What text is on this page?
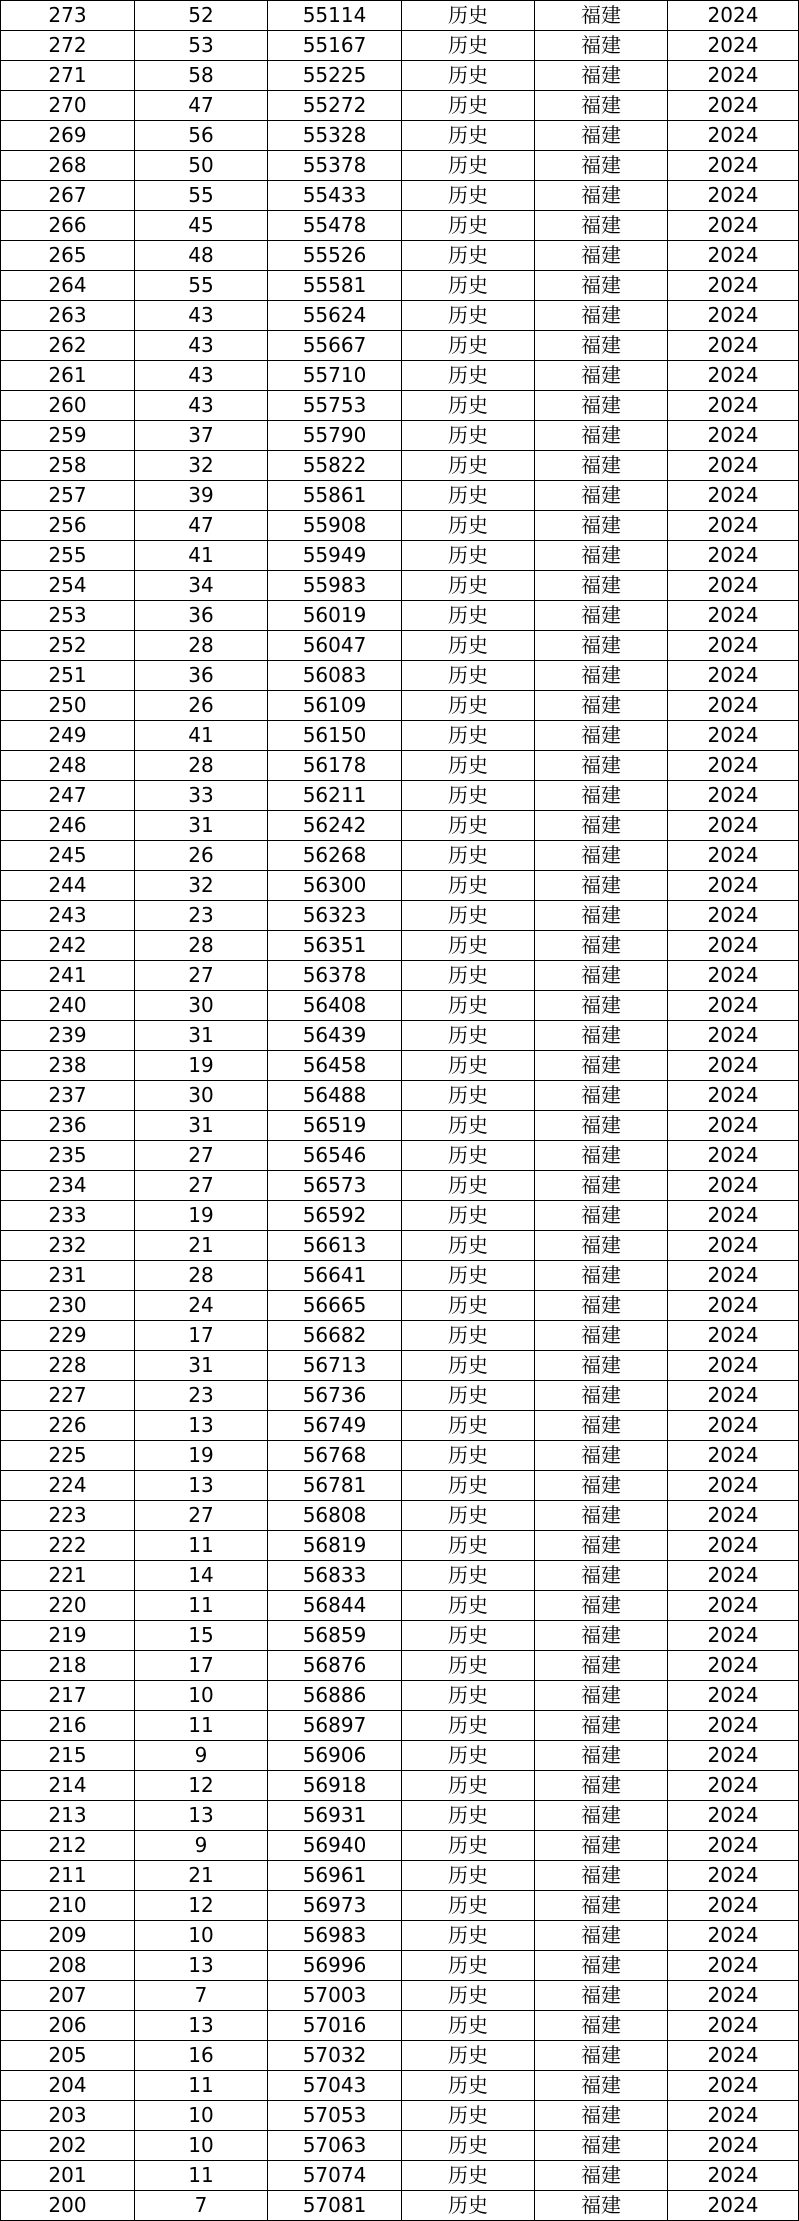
273	52	55114	历史	福建	2024
272	53	55167	历史	福建	2024
271	58	55225	历史	福建	2024
270	47	55272	历史	福建	2024
269	56	55328	历史	福建	2024
268	50	55378	历史	福建	2024
267	55	55433	历史	福建	2024
266	45	55478	历史	福建	2024
265	48	55526	历史	福建	2024
264	55	55581	历史	福建	2024
263	43	55624	历史	福建	2024
262	43	55667	历史	福建	2024
261	43	55710	历史	福建	2024
260	43	55753	历史	福建	2024
259	37	55790	历史	福建	2024
258	32	55822	历史	福建	2024
257	39	55861	历史	福建	2024
256	47	55908	历史	福建	2024
255	41	55949	历史	福建	2024
254	34	55983	历史	福建	2024
253	36	56019	历史	福建	2024
252	28	56047	历史	福建	2024
251	36	56083	历史	福建	2024
250	26	56109	历史	福建	2024
249	41	56150	历史	福建	2024
248	28	56178	历史	福建	2024
247	33	56211	历史	福建	2024
246	31	56242	历史	福建	2024
245	26	56268	历史	福建	2024
244	32	56300	历史	福建	2024
243	23	56323	历史	福建	2024
242	28	56351	历史	福建	2024
241	27	56378	历史	福建	2024
240	30	56408	历史	福建	2024
239	31	56439	历史	福建	2024
238	19	56458	历史	福建	2024
237	30	56488	历史	福建	2024
236	31	56519	历史	福建	2024
235	27	56546	历史	福建	2024
234	27	56573	历史	福建	2024
233	19	56592	历史	福建	2024
232	21	56613	历史	福建	2024
231	28	56641	历史	福建	2024
230	24	56665	历史	福建	2024
229	17	56682	历史	福建	2024
228	31	56713	历史	福建	2024
227	23	56736	历史	福建	2024
226	13	56749	历史	福建	2024
225	19	56768	历史	福建	2024
224	13	56781	历史	福建	2024
223	27	56808	历史	福建	2024
222	11	56819	历史	福建	2024
221	14	56833	历史	福建	2024
220	11	56844	历史	福建	2024
219	15	56859	历史	福建	2024
218	17	56876	历史	福建	2024
217	10	56886	历史	福建	2024
216	11	56897	历史	福建	2024
215	9	56906	历史	福建	2024
214	12	56918	历史	福建	2024
213	13	56931	历史	福建	2024
212	9	56940	历史	福建	2024
211	21	56961	历史	福建	2024
210	12	56973	历史	福建	2024
209	10	56983	历史	福建	2024
208	13	56996	历史	福建	2024
207	7	57003	历史	福建	2024
206	13	57016	历史	福建	2024
205	16	57032	历史	福建	2024
204	11	57043	历史	福建	2024
203	10	57053	历史	福建	2024
202	10	57063	历史	福建	2024
201	11	57074	历史	福建	2024
200	7	57081	历史	福建	2024
